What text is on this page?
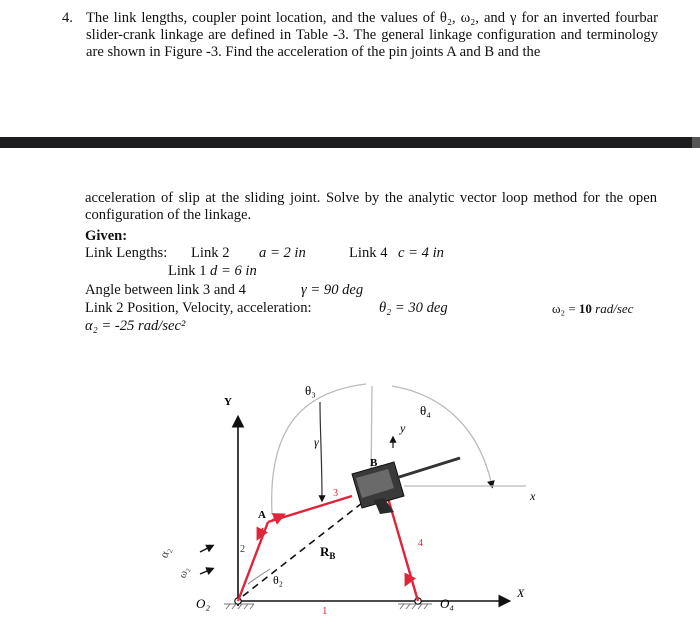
4. The link lengths, coupler point location, and the values of θ₂, ω₂, and γ for an inverted fourbar slider-crank linkage are defined in Table -3. The general linkage configuration and terminology are shown in Figure -3. Find the acceleration of the pin joints A and B and the
acceleration of slip at the sliding joint. Solve by the analytic vector loop method for the open configuration of the linkage.
Given:
Link Lengths: Link 2 a = 2 in	Link 4 c = 4 in
Link 1 d = 6 in
Angle between link 3 and 4	γ = 90 deg
Link 2 Position, Velocity, acceleration:	θ₂ = 30 deg	ω₂ = 10 rad/sec
α₂ = -25 rad/sec²
θ₃
θ₄
γ
B
A
3
2
4
1
θ₂
$R_B$
O₂	O₄
Y
X
y
x
α₂
ω₂
